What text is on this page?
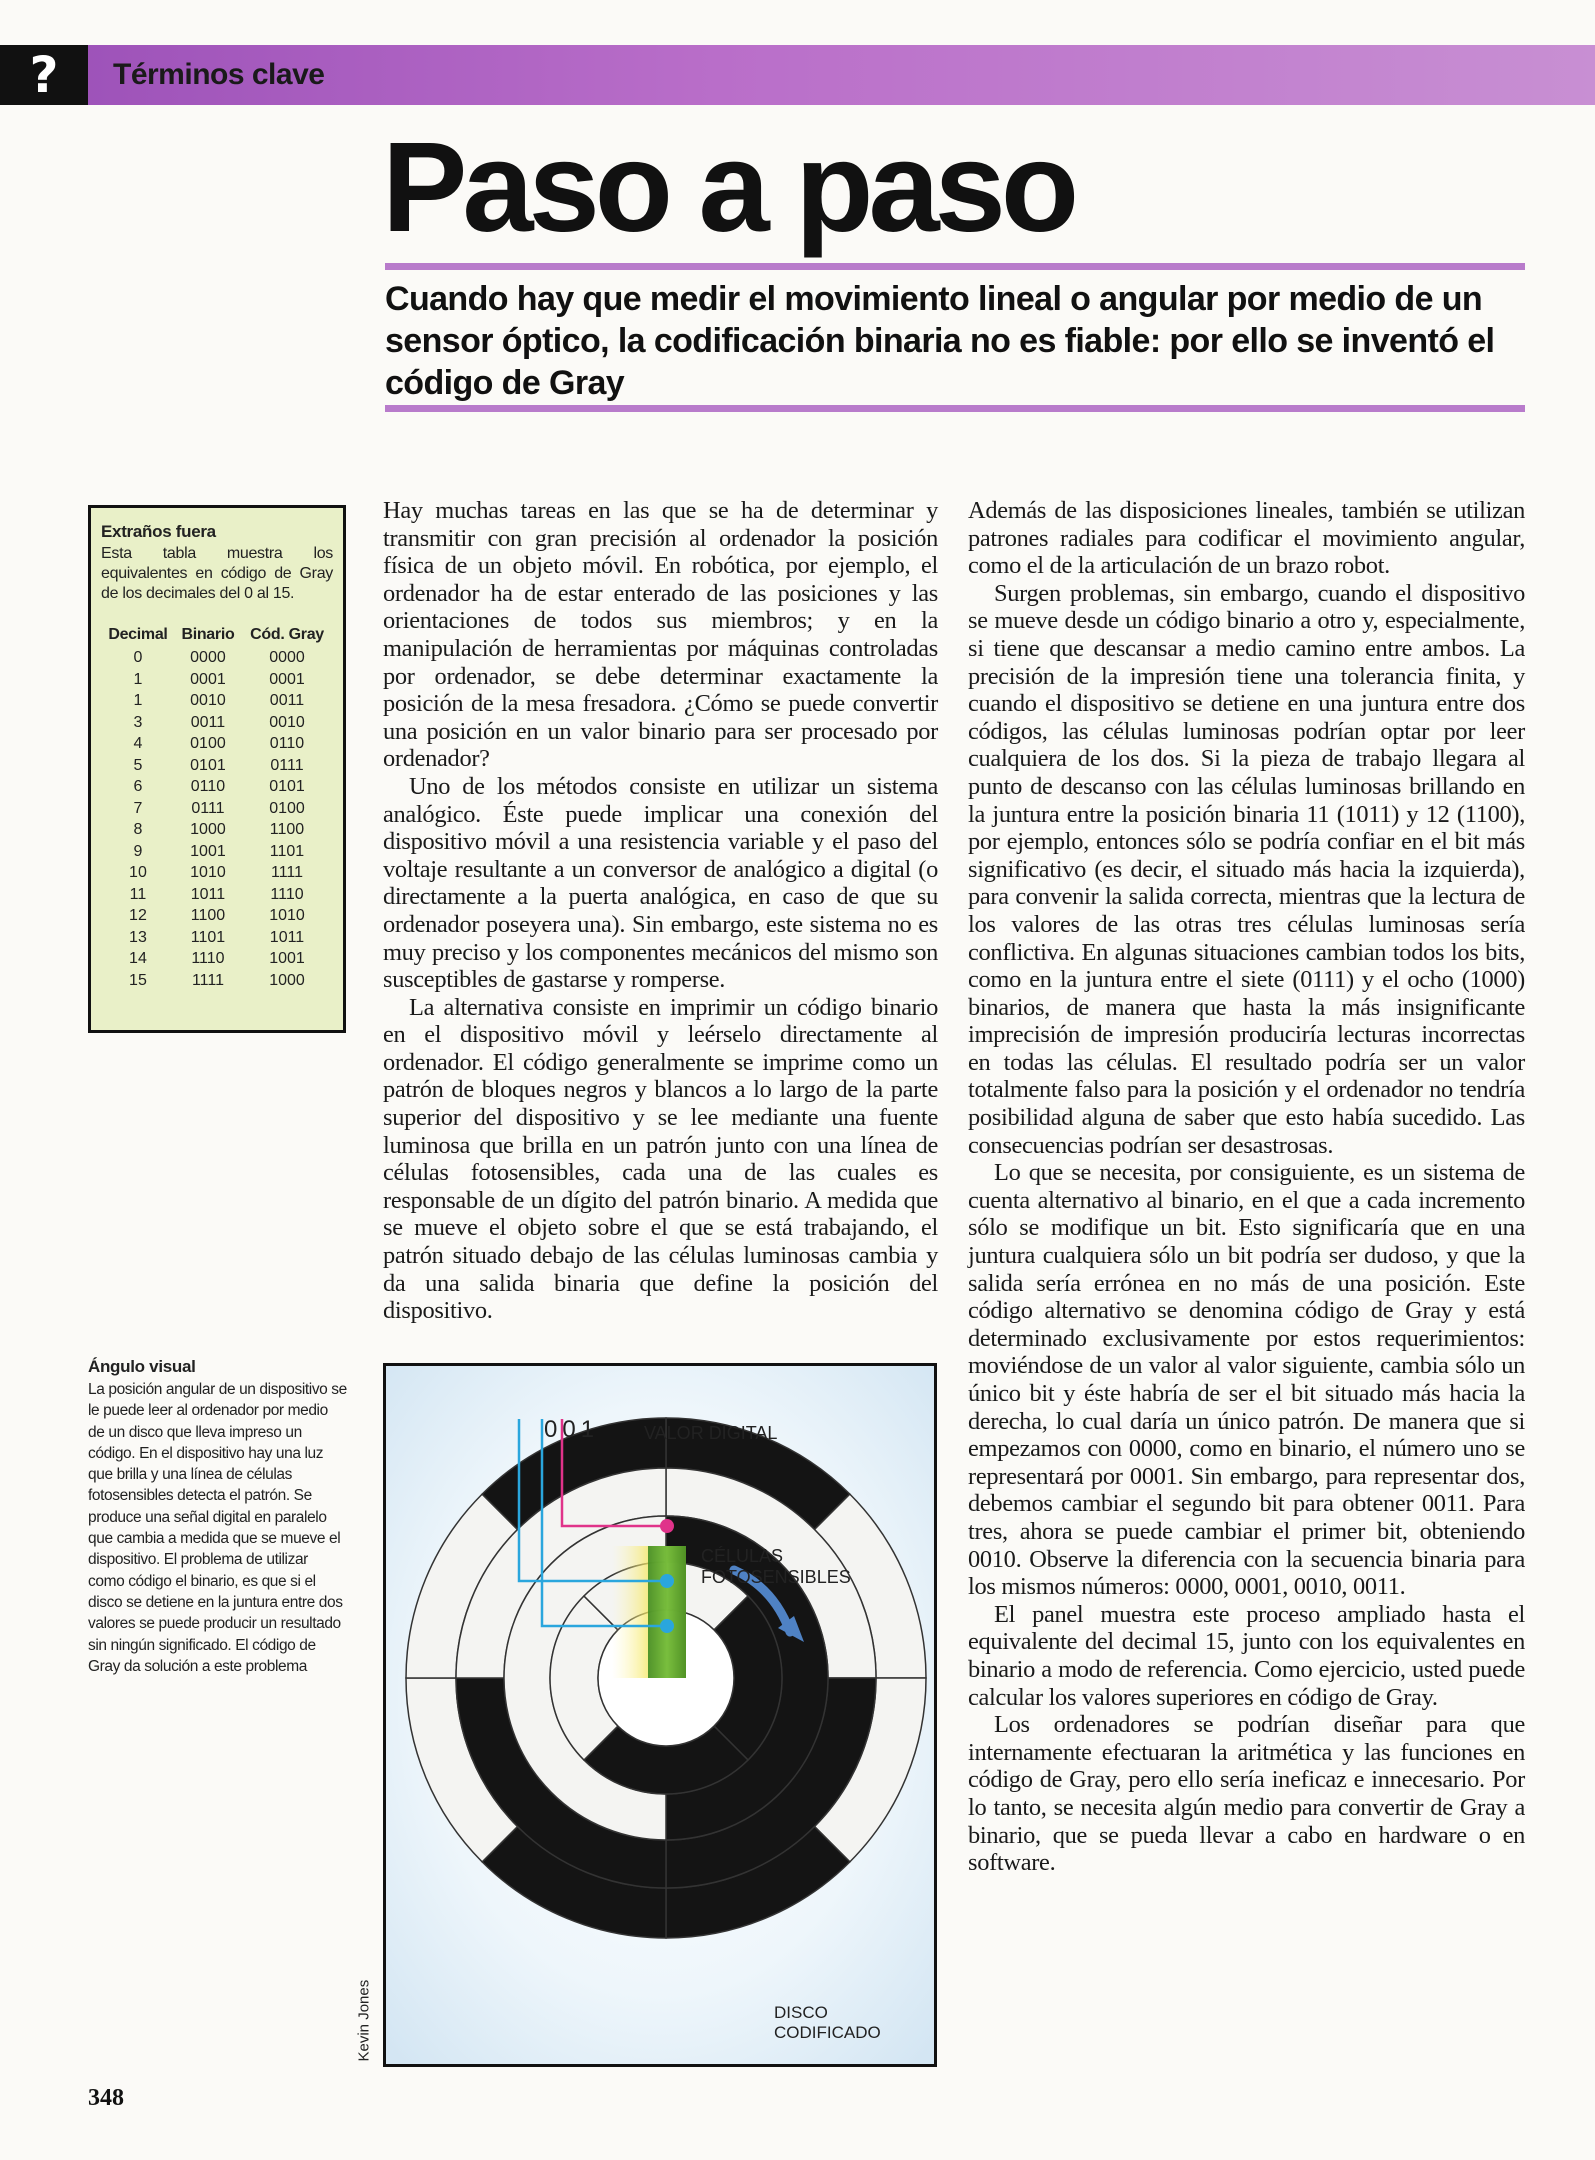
?	Términos clave
Paso a paso
Cuando hay que medir el movimiento lineal o angular por medio de un sensor óptico, la codificación binaria no es fiable: por ello se inventó el código de Gray
Extraños fuera

Esta tabla muestra los equivalentes en código de Gray de los decimales del 0 al 15.

Decimal	Binario	Cód. Gray
0	0000	0000
1	0001	0001
1	0010	0011
3	0011	0010
4	0100	0110
5	0101	0111
6	0110	0101
7	0111	0100
8	1000	1100
9	1001	1101
10	1010	1111
11	1011	1110
12	1100	1010
13	1101	1011
14	1110	1001
15	1111	1000
Ángulo visual

La posición angular de un dispositivo se le puede leer al ordenador por medio de un disco que lleva impreso un código. En el dispositivo hay una luz que brilla y una línea de células fotosensibles detecta el patrón. Se produce una señal digital en paralelo que cambia a medida que se mueve el dispositivo. El problema de utilizar como código el binario, es que si el disco se detiene en la juntura entre dos valores se puede producir un resultado sin ningún significado. El código de Gray da solución a este problema

Hay muchas tareas en las que se ha de determinar y transmitir con gran precisión al ordenador la posición física de un objeto móvil. En robótica, por ejemplo, el ordenador ha de estar enterado de las posiciones y las orientaciones de todos sus miembros; y en la manipulación de herramientas por máquinas controladas por ordenador, se debe determinar exactamente la posición de la mesa fresadora. ¿Cómo se puede convertir una posición en un valor binario para ser procesado por ordenador?

Uno de los métodos consiste en utilizar un sistema analógico. Éste puede implicar una conexión del dispositivo móvil a una resistencia variable y el paso del voltaje resultante a un conversor de analógico a digital (o directamente a la puerta analógica, en caso de que su ordenador poseyera una). Sin embargo, este sistema no es muy preciso y los componentes mecánicos del mismo son susceptibles de gastarse y romperse.

La alternativa consiste en imprimir un código binario en el dispositivo móvil y leérselo directamente al ordenador. El código generalmente se imprime como un patrón de bloques negros y blancos a lo largo de la parte superior del dispositivo y se lee mediante una fuente luminosa que brilla en un patrón junto con una línea de células fotosensibles, cada una de las cuales es responsable de un dígito del patrón binario. A medida que se mueve el objeto sobre el que se está trabajando, el patrón situado debajo de las células luminosas cambia y da una salida binaria que define la posición del dispositivo.

Además de las disposiciones lineales, también se utilizan patrones radiales para codificar el movimiento angular, como el de la articulación de un brazo robot.

Surgen problemas, sin embargo, cuando el dispositivo se mueve desde un código binario a otro y, especialmente, si tiene que descansar a medio camino entre ambos. La precisión de la impresión tiene una tolerancia finita, y cuando el dispositivo se detiene en una juntura entre dos códigos, las células luminosas podrían optar por leer cualquiera de los dos. Si la pieza de trabajo llegara al punto de descanso con las células luminosas brillando en la juntura entre la posición binaria 11 (1011) y 12 (1100), por ejemplo, entonces sólo se podría confiar en el bit más significativo (es decir, el situado más hacia la izquierda), para convenir la salida correcta, mientras que la lectura de los valores de las otras tres células luminosas sería conflictiva. En algunas situaciones cambian todos los bits, como en la juntura entre el siete (0111) y el ocho (1000) binarios, de manera que hasta la más insignificante imprecisión de impresión produciría lecturas incorrectas en todas las células. El resultado podría ser un valor totalmente falso para la posición y el ordenador no tendría posibilidad alguna de saber que esto había sucedido. Las consecuencias podrían ser desastrosas.

Lo que se necesita, por consiguiente, es un sistema de cuenta alternativo al binario, en el que a cada incremento sólo se modifique un bit. Esto significaría que en una juntura cualquiera sólo un bit podría ser dudoso, y que la salida sería errónea en no más de una posición. Este código alternativo se denomina código de Gray y está determinado exclusivamente por estos requerimientos: moviéndose de un valor al valor siguiente, cambia sólo un único bit y éste habría de ser el bit situado más hacia la derecha, lo cual daría un único patrón. De manera que si empezamos con 0000, como en binario, el número uno se representará por 0001. Sin embargo, para representar dos, debemos cambiar el segundo bit para obtener 0011. Para tres, ahora se puede cambiar el primer bit, obteniendo 0010. Observe la diferencia con la secuencia binaria para los mismos números: 0000, 0001, 0010, 0011.

El panel muestra este proceso ampliado hasta el equivalente del decimal 15, junto con los equivalentes en binario a modo de referencia. Como ejercicio, usted puede calcular los valores superiores en código de Gray.

Los ordenadores se podrían diseñar para que internamente efectuaran la aritmética y las funciones en código de Gray, pero ello sería ineficaz e innecesario. Por lo tanto, se necesita algún medio para convertir de Gray a binario, que se pueda llevar a cabo en hardware o en software.

001 VALOR DIGITAL
CÉLULAS FOTOSENSIBLES
DISCO CODIFICADO
Kevin Jones
348
